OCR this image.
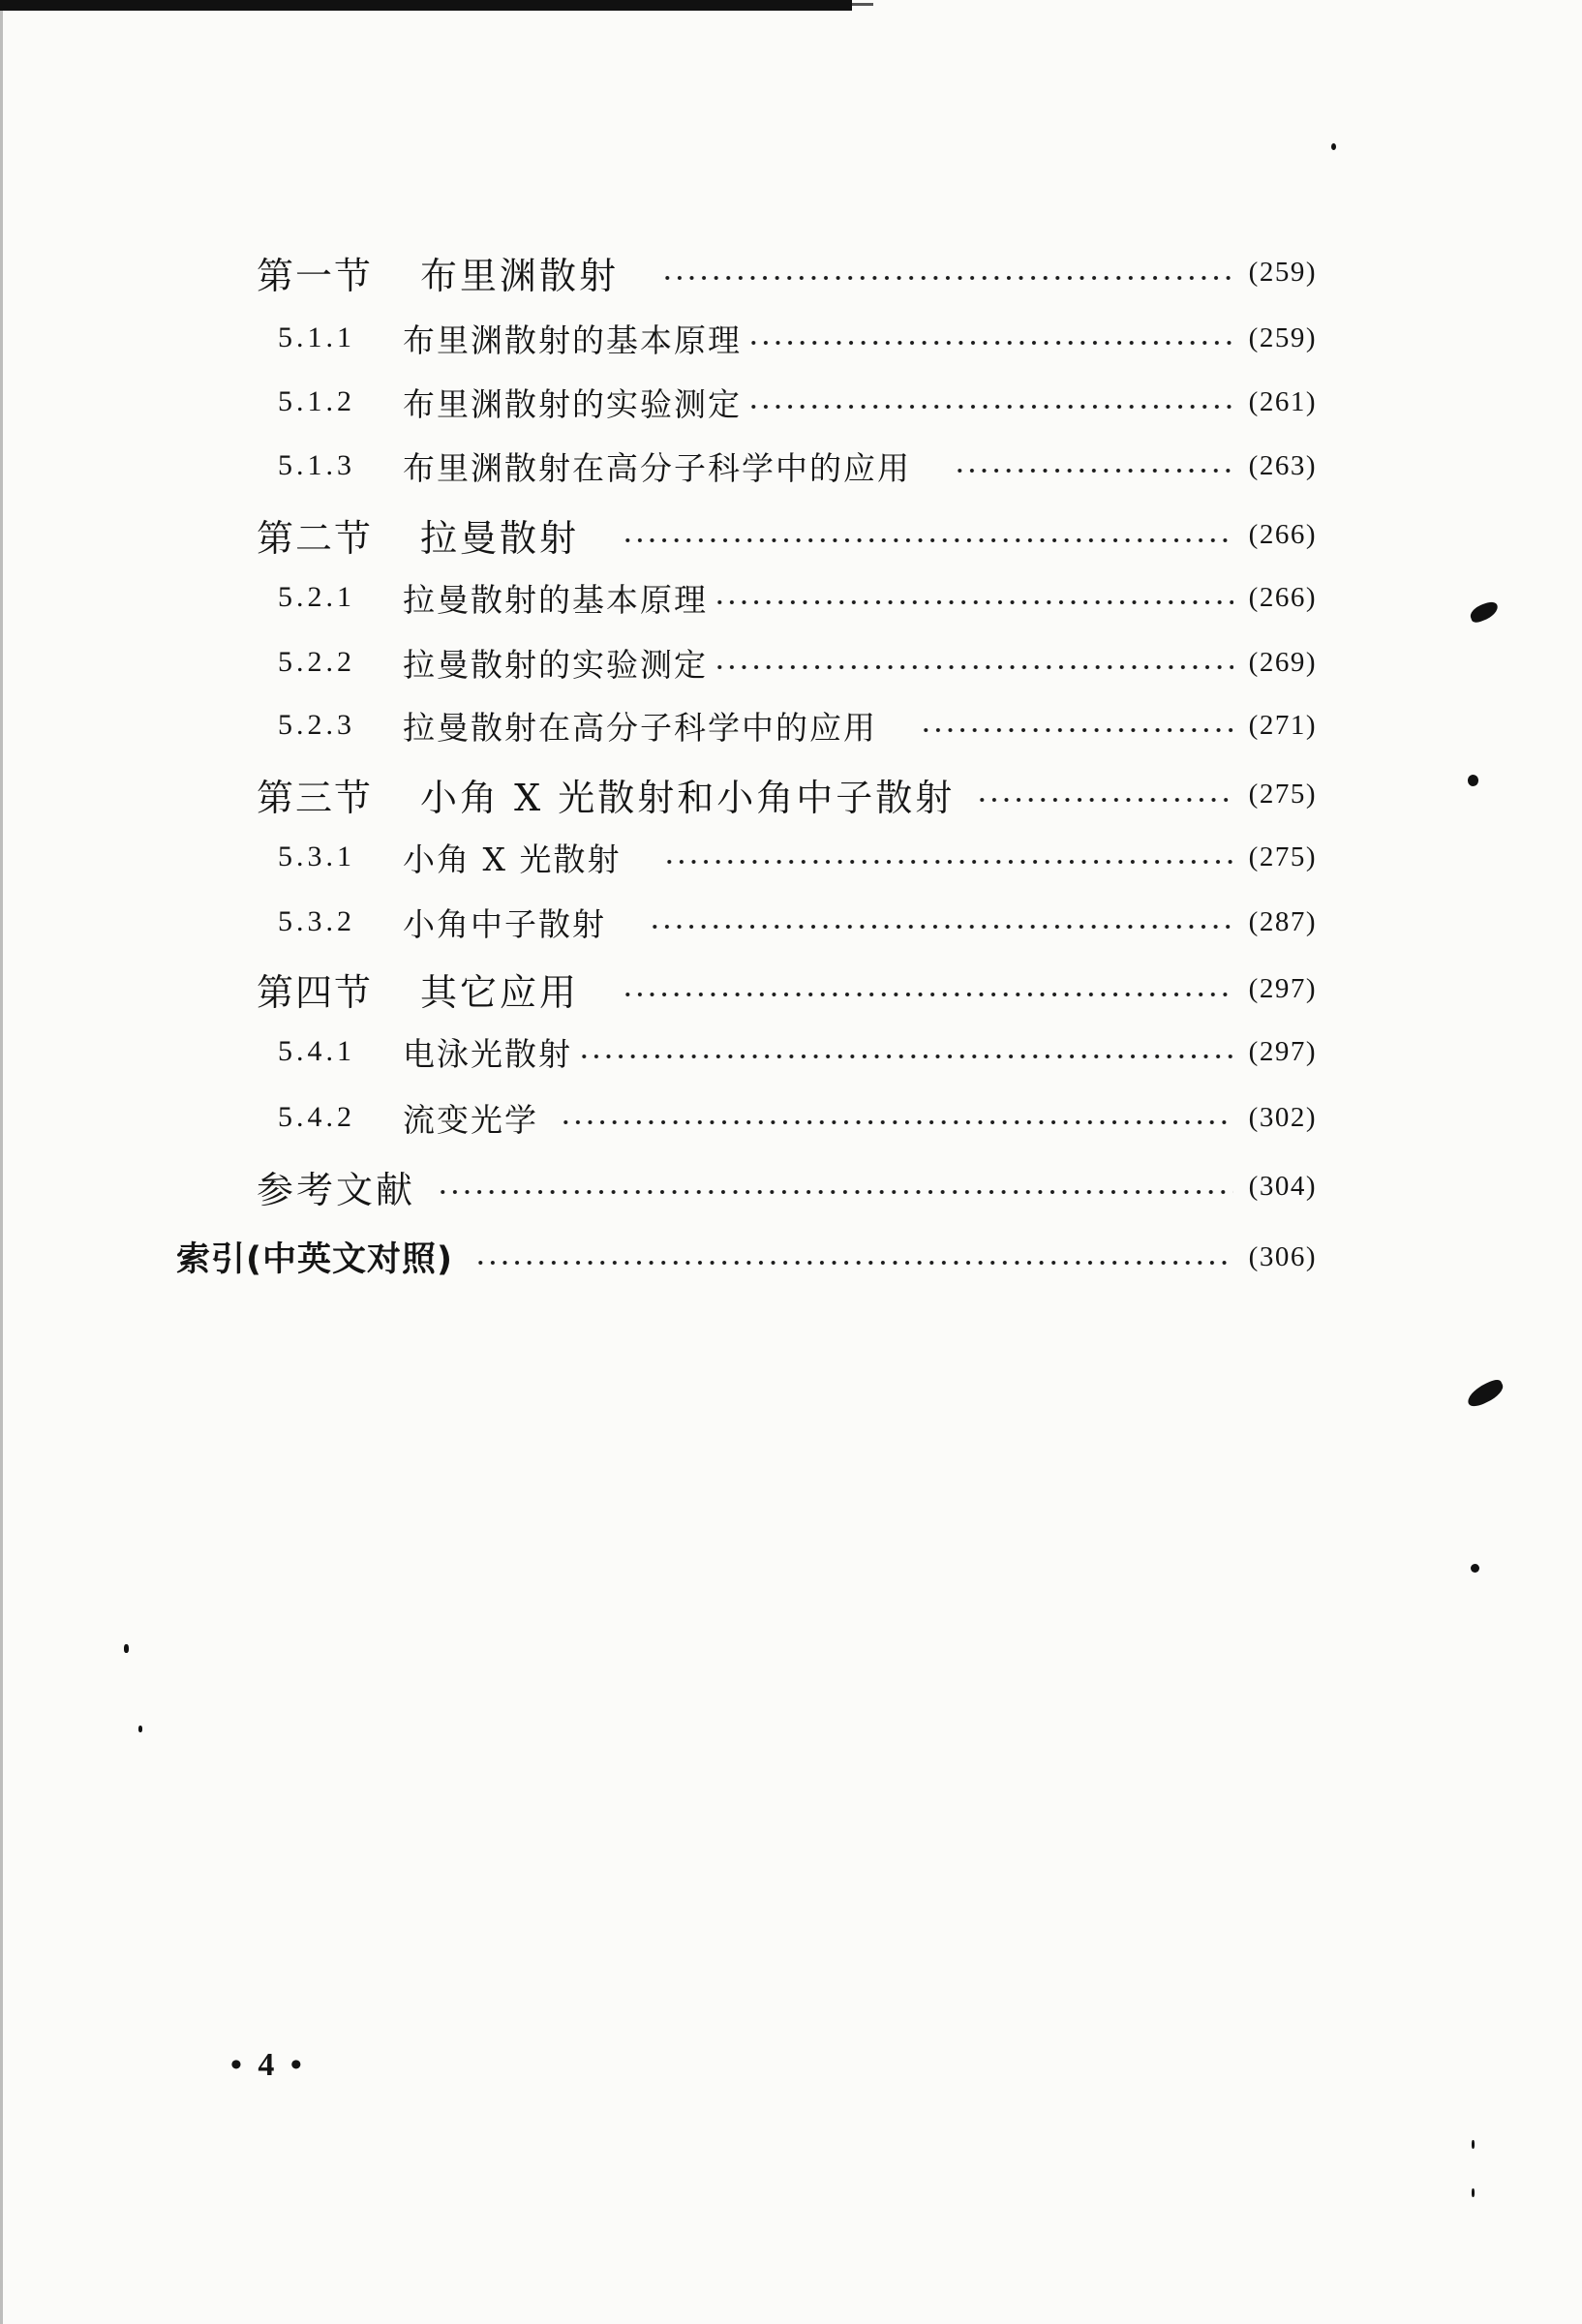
第一节	布里渊散射	(259)
5.1.1	布里渊散射的基本原理	(259)
5.1.2	布里渊散射的实验测定	(261)
5.1.3	布里渊散射在高分子科学中的应用	(263)
第二节	拉曼散射	(266)
5.2.1	拉曼散射的基本原理	(266)
5.2.2	拉曼散射的实验测定	(269)
5.2.3	拉曼散射在高分子科学中的应用	(271)
第三节	小角 X 光散射和小角中子散射	(275)
5.3.1	小角 X 光散射	(275)
5.3.2	小角中子散射	(287)
第四节	其它应用	(297)
5.4.1	电泳光散射	(297)
5.4.2	流变光学	(302)
参考文献	(304)
索引(中英文对照)	(306)
• 4 •
